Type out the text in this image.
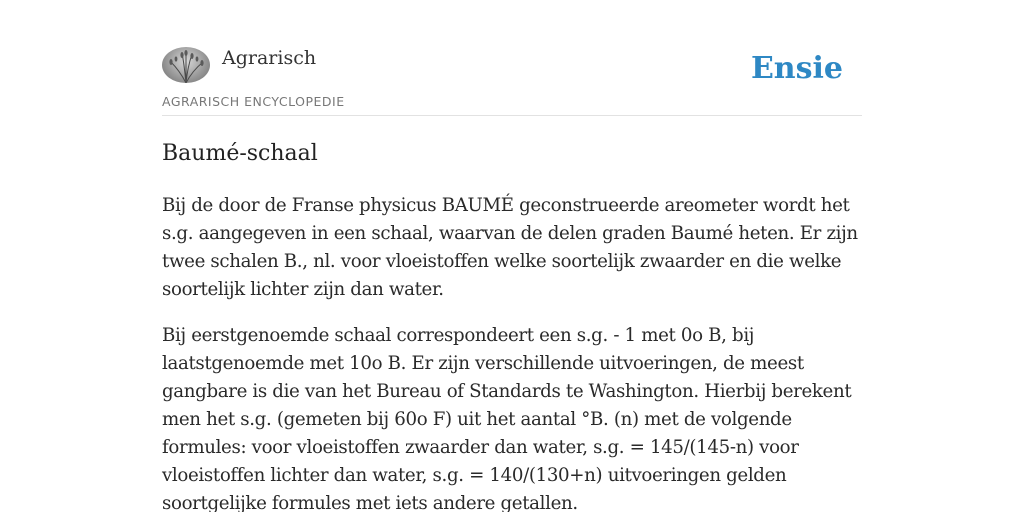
Agrarisch
AGRARISCH ENCYCLOPEDIE
Ensie
Baumé-schaal

Bij de door de Franse physicus BAUMÉ geconstrueerde areometer wordt het s.g. aangegeven in een schaal, waarvan de delen graden Baumé heten. Er zijn twee schalen B., nl. voor vloeistoffen welke soortelijk zwaarder en die welke soortelijk lichter zijn dan water.

Bij eerstgenoemde schaal correspondeert een s.g. - 1 met 0o B, bij laatstgenoemde met 10o B. Er zijn verschillende uitvoeringen, de meest gangbare is die van het Bureau of Standards te Washington. Hierbij berekent men het s.g. (gemeten bij 60o F) uit het aantal °B. (n) met de volgende formules: voor vloeistoffen zwaarder dan water, s.g. = 145/(145-n) voor vloeistoffen lichter dan water, s.g. = 140/(130+n) uitvoeringen gelden soortgelijke formules met iets andere getallen.
